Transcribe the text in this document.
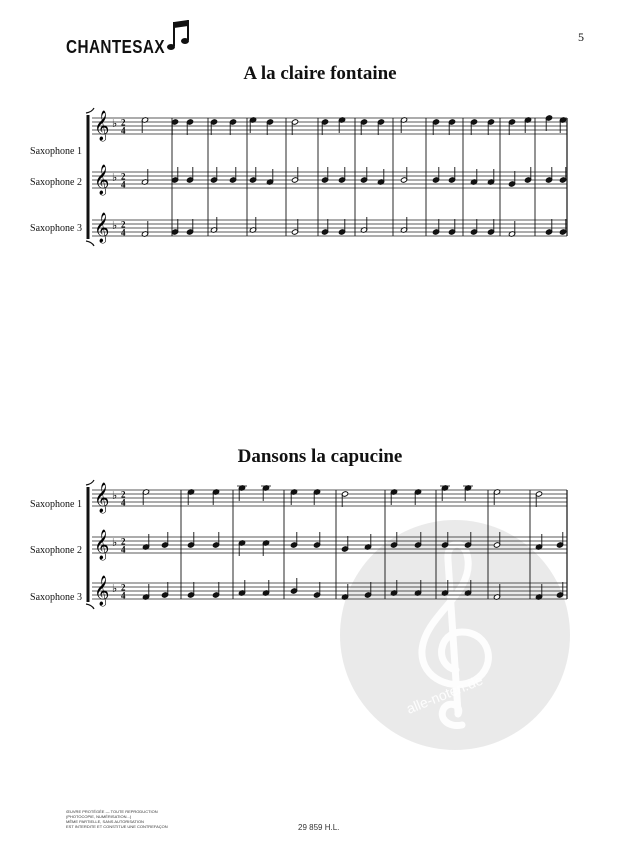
alle-noten.de
CHANTESAX	5
A la claire fontaine
Saxophone 1
Saxophone 2
Saxophone 3
𝄞 ♭ 2
4
𝄞 ♭ 2
4
𝄞 ♭ 2
4
Dansons la capucine
Saxophone 1
Saxophone 2
Saxophone 3
𝄞 ♭ 2
4
𝄞 ♭ 2
4
𝄞 ♭ 2
4
ŒUVRE PROTÉGÉE — TOUTE REPRODUCTION
(PHOTOCOPIE, NUMÉRISATION...)
MÊME PARTIELLE, SANS AUTORISATION
EST INTERDITE ET CONSTITUE UNE CONTREFAÇON	29 859 H.L.
